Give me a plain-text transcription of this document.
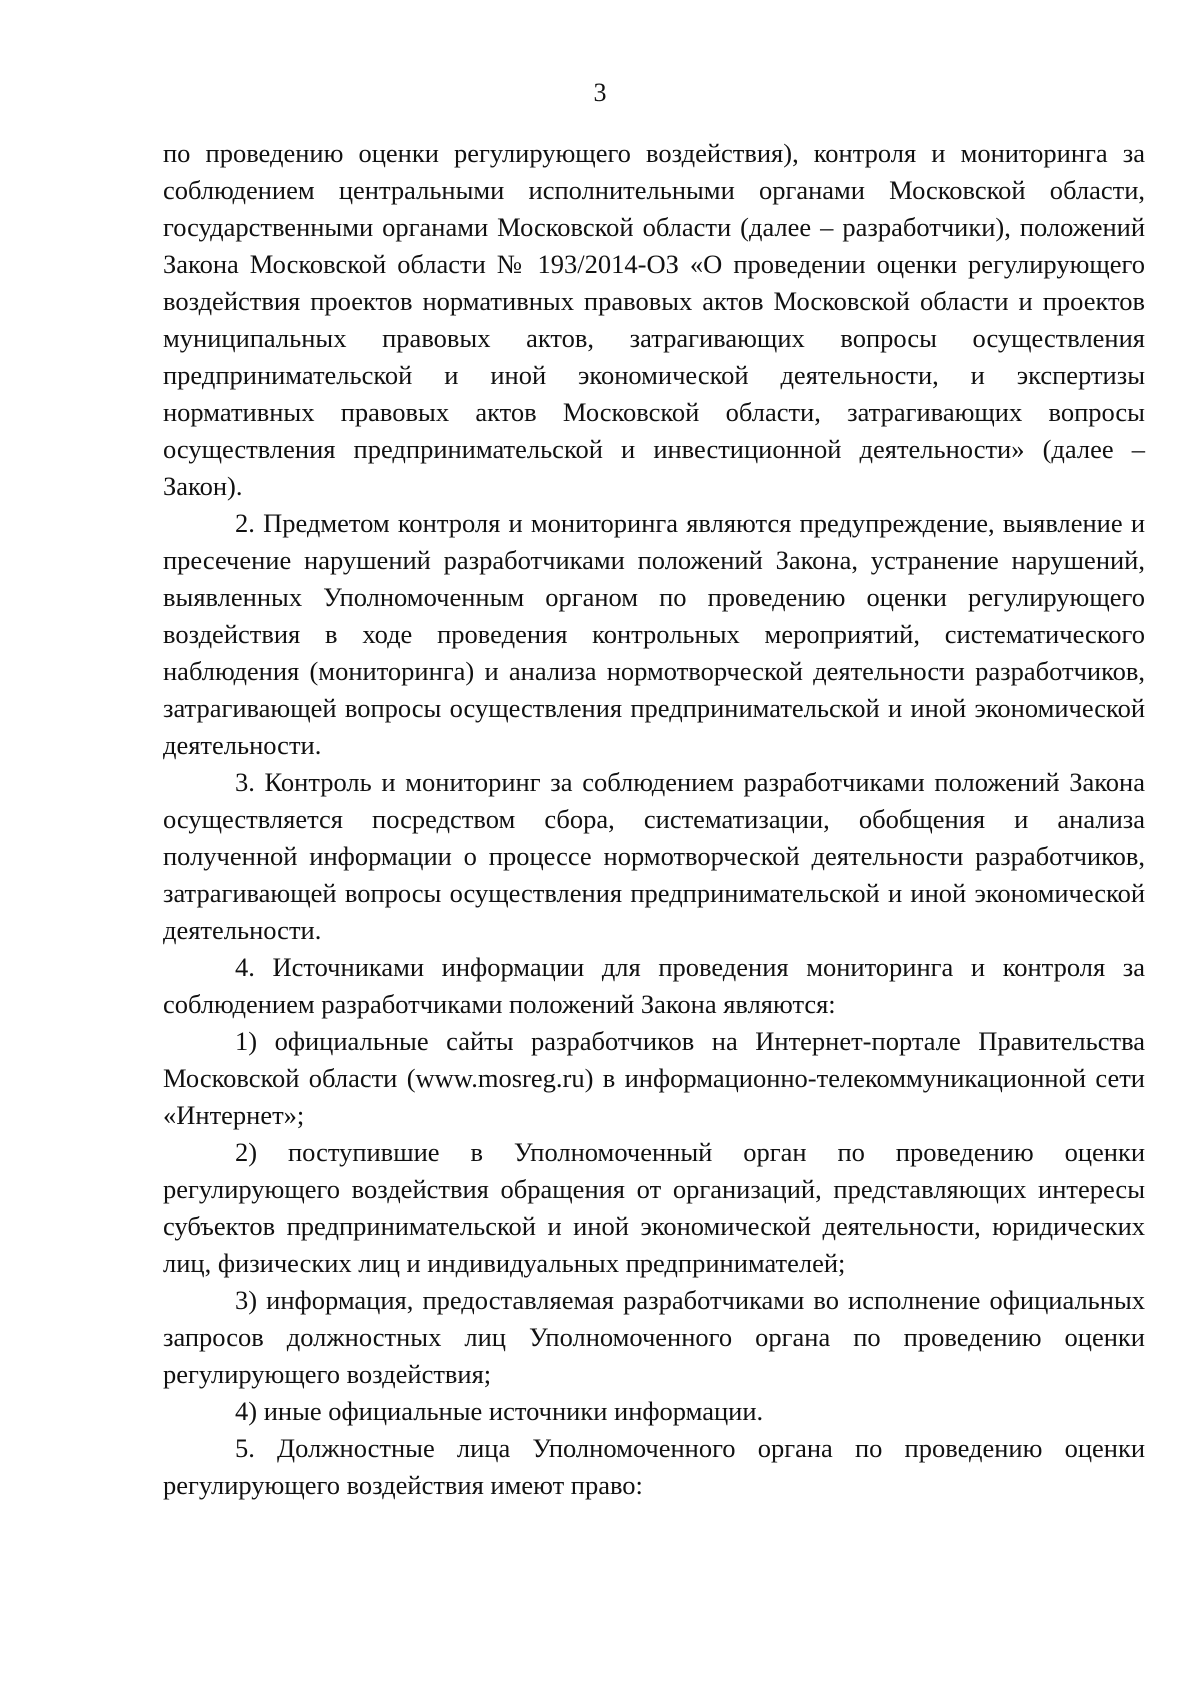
3

по проведению оценки регулирующего воздействия), контроля и мониторинга за соблюдением центральными исполнительными органами Московской области, государственными органами Московской области (далее – разработчики), положений Закона Московской области № 193/2014-ОЗ «О проведении оценки регулирующего воздействия проектов нормативных правовых актов Московской области и проектов муниципальных правовых актов, затрагивающих вопросы осуществления предпринимательской и иной экономической деятельности, и экспертизы нормативных правовых актов Московской области, затрагивающих вопросы осуществления предпринимательской и инвестиционной деятельности» (далее – Закон).

2. Предметом контроля и мониторинга являются предупреждение, выявление и пресечение нарушений разработчиками положений Закона, устранение нарушений, выявленных Уполномоченным органом по проведению оценки регулирующего воздействия в ходе проведения контрольных мероприятий, систематического наблюдения (мониторинга) и анализа нормотворческой деятельности разработчиков, затрагивающей вопросы осуществления предпринимательской и иной экономической деятельности.

3. Контроль и мониторинг за соблюдением разработчиками положений Закона осуществляется посредством сбора, систематизации, обобщения и анализа полученной информации о процессе нормотворческой деятельности разработчиков, затрагивающей вопросы осуществления предпринимательской и иной экономической деятельности.

4. Источниками информации для проведения мониторинга и контроля за соблюдением разработчиками положений Закона являются:

1) официальные сайты разработчиков на Интернет-портале Правительства Московской области (www.mosreg.ru) в информационно-телекоммуникационной сети «Интернет»;

2) поступившие в Уполномоченный орган по проведению оценки регулирующего воздействия обращения от организаций, представляющих интересы субъектов предпринимательской и иной экономической деятельности, юридических лиц, физических лиц и индивидуальных предпринимателей;

3) информация, предоставляемая разработчиками во исполнение официальных запросов должностных лиц Уполномоченного органа по проведению оценки регулирующего воздействия;

4) иные официальные источники информации.

5. Должностные лица Уполномоченного органа по проведению оценки регулирующего воздействия имеют право:
